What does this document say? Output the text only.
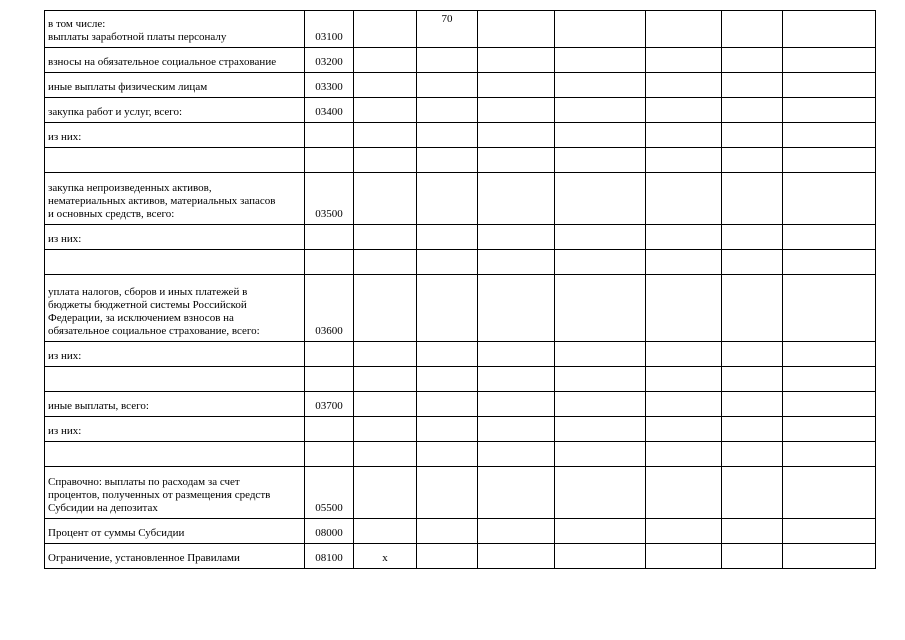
в том числе:
выплаты заработной платы персоналу	03100		70					
взносы на обязательное социальное страхование	03200							
иные выплаты физическим лицам	03300							
закупка работ и услуг, всего:	03400							
из них:								

закупка непроизведенных активов,
нематериальных активов, материальных запасов
и основных средств, всего:	03500							
из них:								

уплата налогов, сборов и иных платежей в
бюджеты бюджетной системы Российской
Федерации, за исключением взносов на
обязательное социальное страхование, всего:	03600							
из них:								

иные выплаты, всего:	03700							
из них:								

Справочно: выплаты по расходам за счет
процентов, полученных от размещения средств
Субсидии на депозитах	05500							
Процент от суммы Субсидии	08000							
Ограничение, установленное Правилами	08100	х						
